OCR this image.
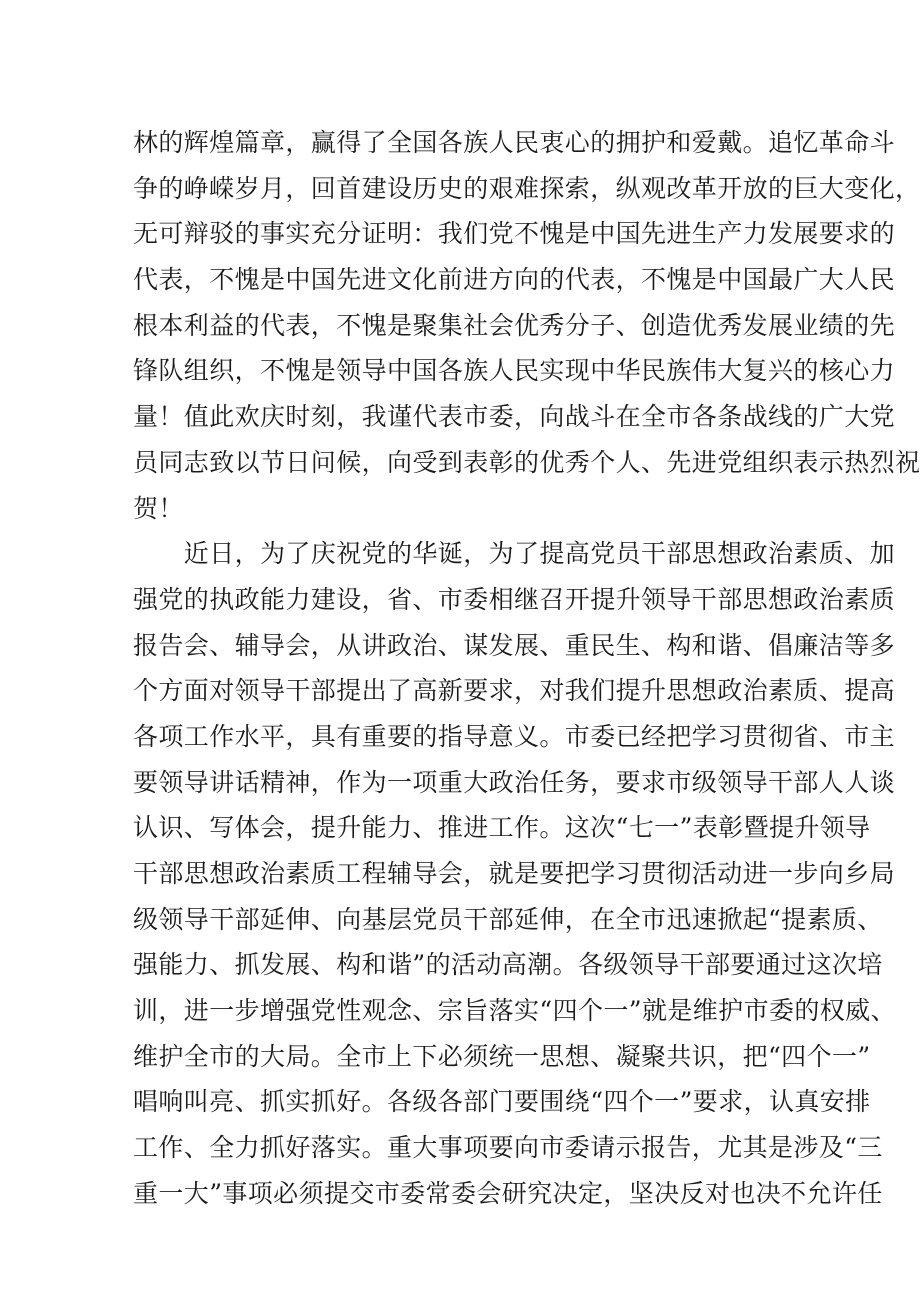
林的辉煌篇章，赢得了全国各族人民衷心的拥护和爱戴。追忆革命斗
争的峥嵘岁月，回首建设历史的艰难探索，纵观改革开放的巨大变化，
无可辩驳的事实充分证明：我们党不愧是中国先进生产力发展要求的
代表，不愧是中国先进文化前进方向的代表，不愧是中国最广大人民
根本利益的代表，不愧是聚集社会优秀分子、创造优秀发展业绩的先
锋队组织，不愧是领导中国各族人民实现中华民族伟大复兴的核心力
量！值此欢庆时刻，我谨代表市委，向战斗在全市各条战线的广大党
员同志致以节日问候，向受到表彰的优秀个人、先进党组织表示热烈祝
贺！
　　近日，为了庆祝党的华诞，为了提高党员干部思想政治素质、加
强党的执政能力建设，省、市委相继召开提升领导干部思想政治素质
报告会、辅导会，从讲政治、谋发展、重民生、构和谐、倡廉洁等多
个方面对领导干部提出了高新要求，对我们提升思想政治素质、提高
各项工作水平，具有重要的指导意义。市委已经把学习贯彻省、市主
要领导讲话精神，作为一项重大政治任务，要求市级领导干部人人谈
认识、写体会，提升能力、推进工作。这次“七一”表彰暨提升领导
干部思想政治素质工程辅导会，就是要把学习贯彻活动进一步向乡局
级领导干部延伸、向基层党员干部延伸，在全市迅速掀起“提素质、
强能力、抓发展、构和谐”的活动高潮。各级领导干部要通过这次培
训，进一步增强党性观念、宗旨落实“四个一”就是维护市委的权威、
维护全市的大局。全市上下必须统一思想、凝聚共识，把“四个一”
唱响叫亮、抓实抓好。各级各部门要围绕“四个一”要求，认真安排
工作、全力抓好落实。重大事项要向市委请示报告，尤其是涉及“三
重一大”事项必须提交市委常委会研究决定，坚决反对也决不允许任
